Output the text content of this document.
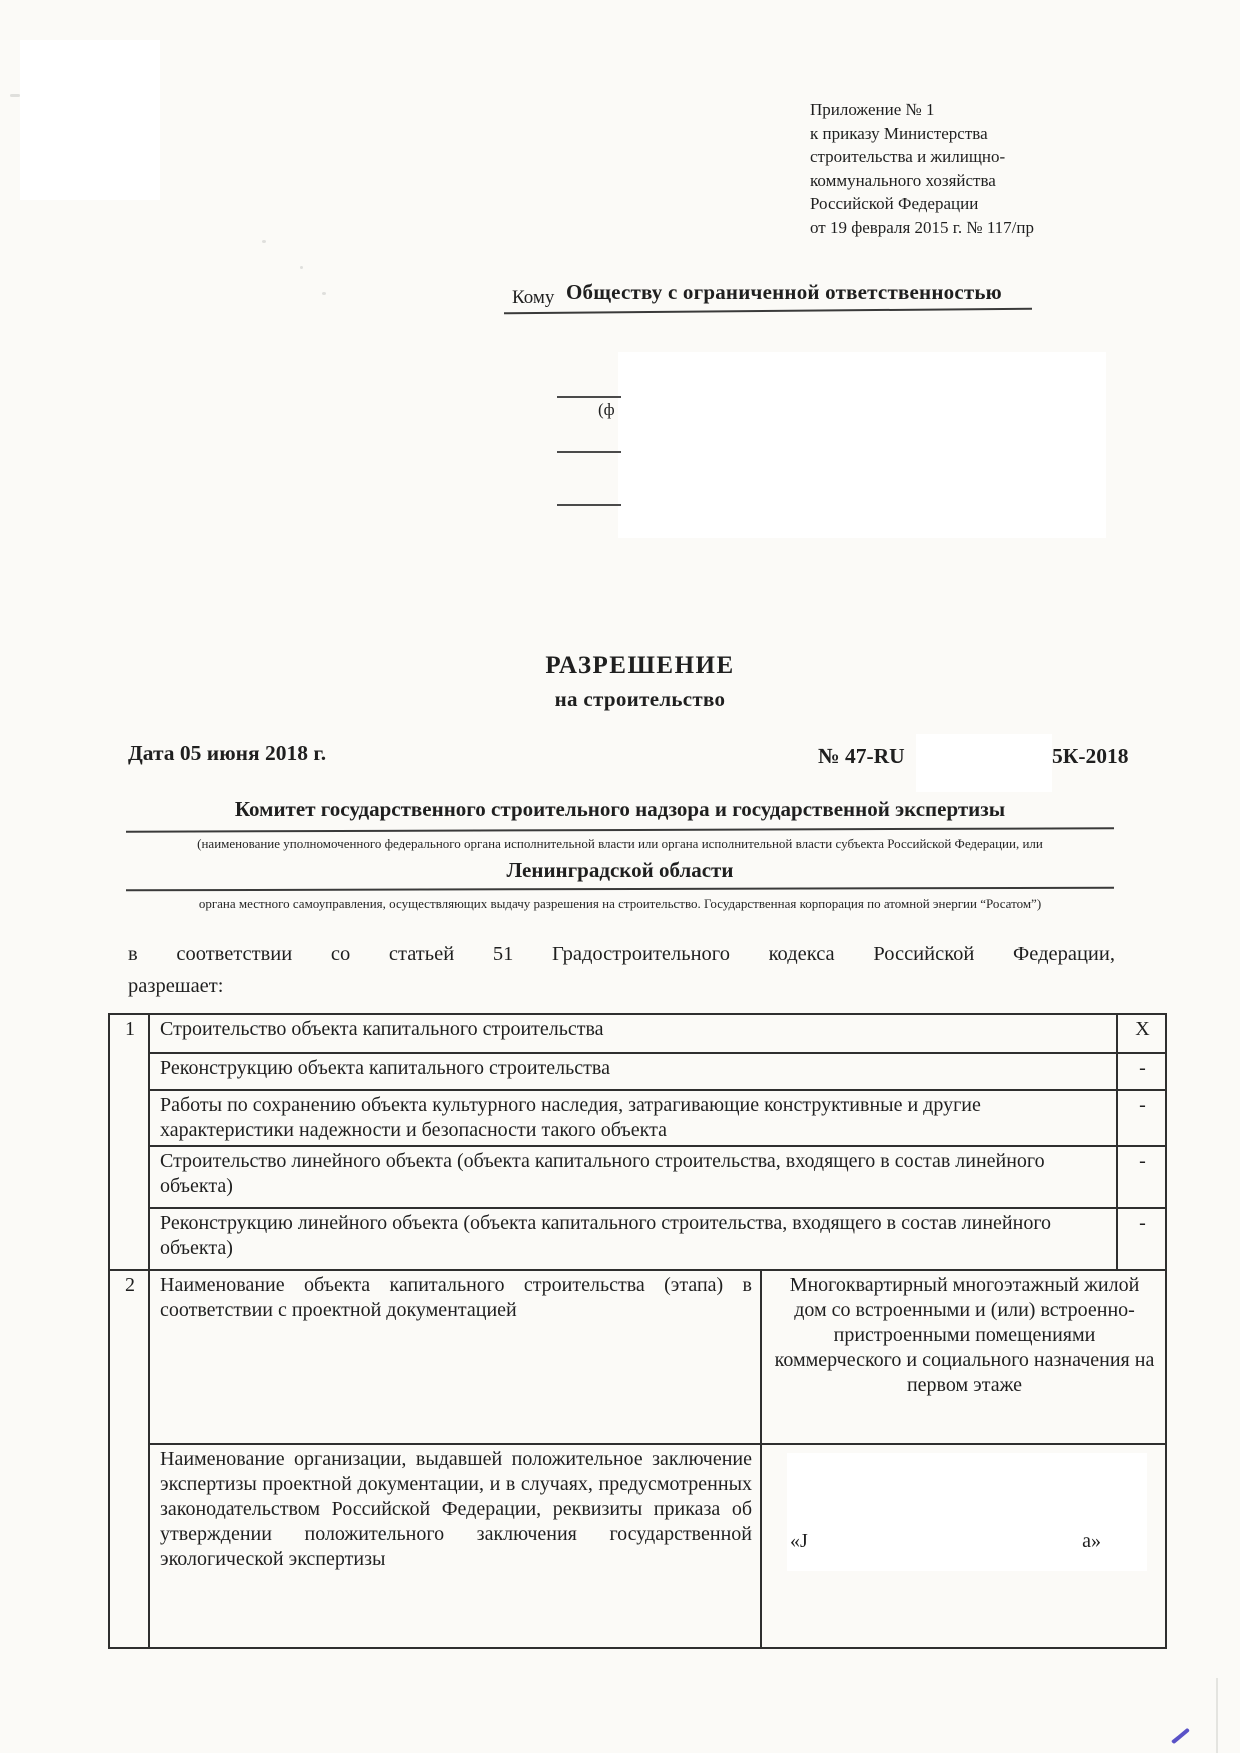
Приложение № 1
к приказу Министерства
строительства и жилищно-
коммунального хозяйства
Российской Федерации
от 19 февраля 2015 г. № 117/пр
Кому Обществу с ограниченной ответственностью
(ф
РАЗРЕШЕНИЕ
на строительство
Дата 05 июня 2018 г.	№ 47-RU	5К-2018
Комитет государственного строительного надзора и государственной экспертизы
(наименование уполномоченного федерального органа исполнительной власти или органа исполнительной власти субъекта Российской Федерации, или
Ленинградской области
органа местного самоуправления, осуществляющих выдачу разрешения на строительство. Государственная корпорация по атомной энергии “Росатом”)
в соответствии со статьей 51 Градостроительного кодекса Российской Федерации,
разрешает:
1	Строительство объекта капитального строительства		Х
	Реконструкцию объекта капитального строительства		-
	Работы по сохранению объекта культурного наследия, затрагивающие конструктивные и другие характеристики надежности и безопасности такого объекта		-
	Строительство линейного объекта (объекта капитального строительства, входящего в состав линейного объекта)		-
	Реконструкцию линейного объекта (объекта капитального строительства, входящего в состав линейного объекта)		-
2	Наименование объекта капитального строительства (этапа) в соответствии с проектной документацией	Многоквартирный многоэтажный жилой дом со встроенными и (или) встроенно-пристроенными помещениями коммерческого и социального назначения на первом этаже	
	Наименование организации, выдавшей положительное заключение экспертизы проектной документации, и в случаях, предусмотренных законодательством Российской Федерации, реквизиты приказа об утверждении положительного заключения государственной экологической экспертизы	«J а»	
